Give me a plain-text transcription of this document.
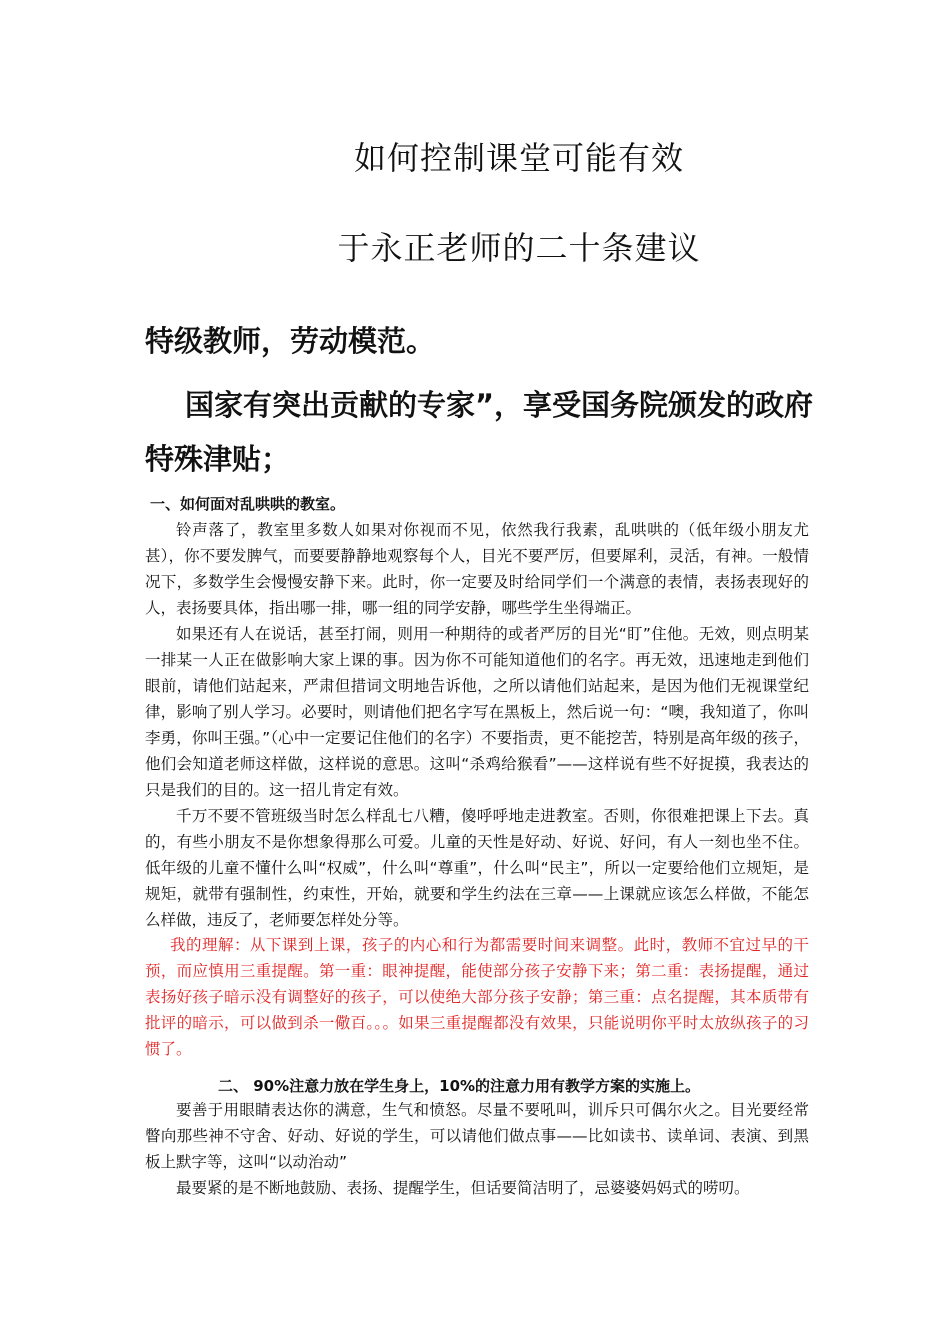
如何控制课堂可能有效
于永正老师的二十条建议
特级教师，劳动模范。
国家有突出贡献的专家”，享受国务院颁发的政府特殊津贴；
一、如何面对乱哄哄的教室。

铃声落了，教室里多数人如果对你视而不见，依然我行我素，乱哄哄的（低年级小朋友尤甚），你不要发脾气，而要要静静地观察每个人，目光不要严厉，但要犀利，灵活，有神。一般情况下，多数学生会慢慢安静下来。此时，你一定要及时给同学们一个满意的表情，表扬表现好的人，表扬要具体，指出哪一排，哪一组的同学安静，哪些学生坐得端正。

如果还有人在说话，甚至打闹，则用一种期待的或者严厉的目光“盯”住他。无效，则点明某一排某一人正在做影响大家上课的事。因为你不可能知道他们的名字。再无效，迅速地走到他们眼前，请他们站起来，严肃但措词文明地告诉他，之所以请他们站起来，是因为他们无视课堂纪律，影响了别人学习。必要时，则请他们把名字写在黑板上，然后说一句：“噢，我知道了，你叫李勇，你叫王强。”（心中一定要记住他们的名字）不要指责，更不能挖苦，特别是高年级的孩子，他们会知道老师这样做，这样说的意思。这叫“杀鸡给猴看”——这样说有些不好捉摸，我表达的只是我们的目的。这一招儿肯定有效。

千万不要不管班级当时怎么样乱七八糟，傻呼呼地走进教室。否则，你很难把课上下去。真的，有些小朋友不是你想象得那么可爱。儿童的天性是好动、好说、好问，有人一刻也坐不住。低年级的儿童不懂什么叫“权威”，什么叫“尊重”，什么叫“民主”，所以一定要给他们立规矩，是规矩，就带有强制性，约束性，开始，就要和学生约法在三章——上课就应该怎么样做，不能怎么样做，违反了，老师要怎样处分等。

我的理解：从下课到上课，孩子的内心和行为都需要时间来调整。此时，教师不宜过早的干预，而应慎用三重提醒。第一重：眼神提醒，能使部分孩子安静下来；第二重：表扬提醒，通过表扬好孩子暗示没有调整好的孩子，可以使绝大部分孩子安静；第三重：点名提醒，其本质带有批评的暗示，可以做到杀一儆百。。。如果三重提醒都没有效果，只能说明你平时太放纵孩子的习惯了。

二、 90%注意力放在学生身上，10%的注意力用有教学方案的实施上。

要善于用眼睛表达你的满意，生气和愤怒。尽量不要吼叫，训斥只可偶尔火之。目光要经常瞥向那些神不守舍、好动、好说的学生，可以请他们做点事——比如读书、读单词、表演、到黑板上默字等，这叫“以动治动”

最要紧的是不断地鼓励、表扬、提醒学生，但话要简洁明了，忌婆婆妈妈式的唠叨。
